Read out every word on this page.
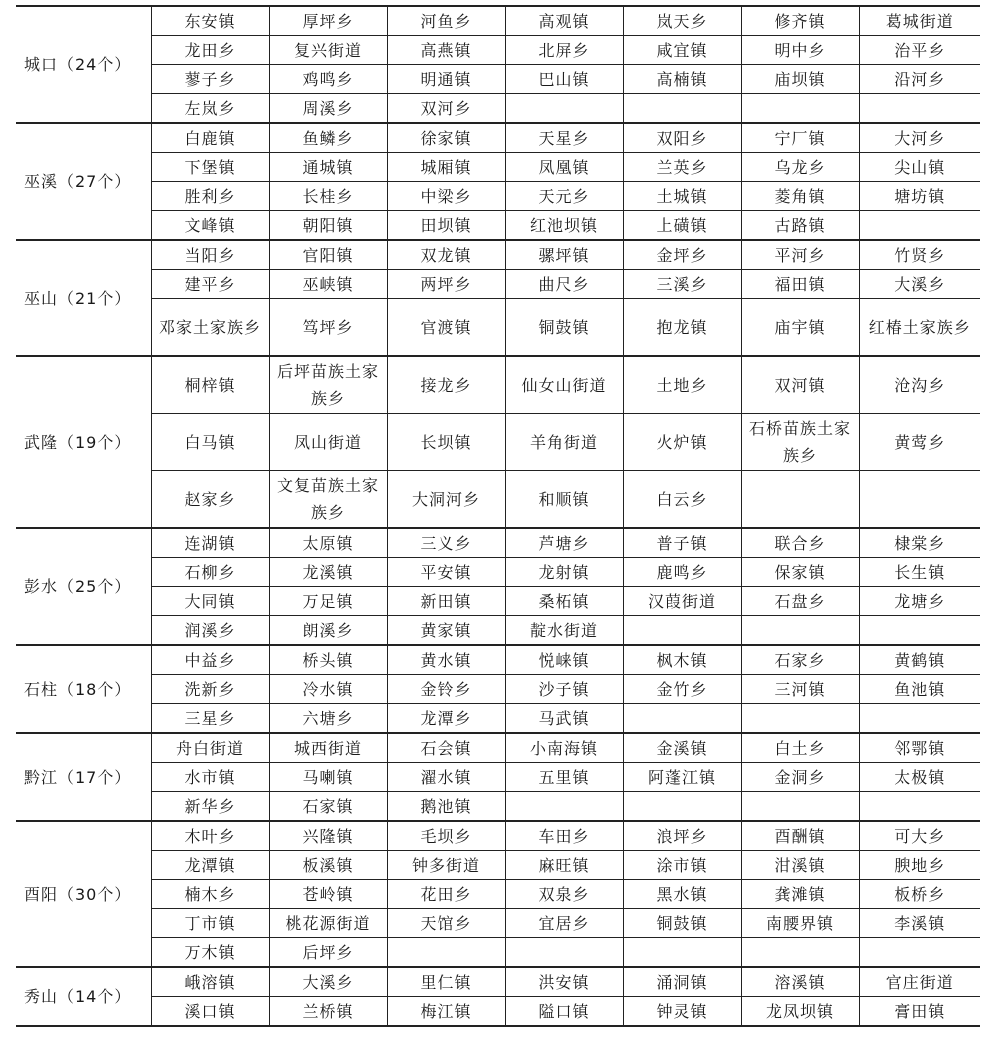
城口（24个）	东安镇	厚坪乡	河鱼乡	高观镇	岚天乡	修齐镇	葛城街道
	龙田乡	复兴街道	高燕镇	北屏乡	咸宜镇	明中乡	治平乡
	蓼子乡	鸡鸣乡	明通镇	巴山镇	高楠镇	庙坝镇	沿河乡
	左岚乡	周溪乡	双河乡				
巫溪（27个）	白鹿镇	鱼鳞乡	徐家镇	天星乡	双阳乡	宁厂镇	大河乡
	下堡镇	通城镇	城厢镇	凤凰镇	兰英乡	乌龙乡	尖山镇
	胜利乡	长桂乡	中梁乡	天元乡	土城镇	菱角镇	塘坊镇
	文峰镇	朝阳镇	田坝镇	红池坝镇	上磺镇	古路镇	
巫山（21个）	当阳乡	官阳镇	双龙镇	骡坪镇	金坪乡	平河乡	竹贤乡
	建平乡	巫峡镇	两坪乡	曲尺乡	三溪乡	福田镇	大溪乡
	邓家土家族乡	笃坪乡	官渡镇	铜鼓镇	抱龙镇	庙宇镇	红椿土家族乡
武隆（19个）	桐梓镇	后坪苗族土家族乡	接龙乡	仙女山街道	土地乡	双河镇	沧沟乡
	白马镇	凤山街道	长坝镇	羊角街道	火炉镇	石桥苗族土家族乡	黄莺乡
	赵家乡	文复苗族土家族乡	大洞河乡	和顺镇	白云乡		
彭水（25个）	连湖镇	太原镇	三义乡	芦塘乡	普子镇	联合乡	棣棠乡
	石柳乡	龙溪镇	平安镇	龙射镇	鹿鸣乡	保家镇	长生镇
	大同镇	万足镇	新田镇	桑柘镇	汉葭街道	石盘乡	龙塘乡
	润溪乡	朗溪乡	黄家镇	靛水街道			
石柱（18个）	中益乡	桥头镇	黄水镇	悦崃镇	枫木镇	石家乡	黄鹤镇
	洗新乡	冷水镇	金铃乡	沙子镇	金竹乡	三河镇	鱼池镇
	三星乡	六塘乡	龙潭乡	马武镇			
黔江（17个）	舟白街道	城西街道	石会镇	小南海镇	金溪镇	白土乡	邻鄂镇
	水市镇	马喇镇	濯水镇	五里镇	阿蓬江镇	金洞乡	太极镇
	新华乡	石家镇	鹅池镇				
酉阳（30个）	木叶乡	兴隆镇	毛坝乡	车田乡	浪坪乡	酉酬镇	可大乡
	龙潭镇	板溪镇	钟多街道	麻旺镇	涂市镇	泔溪镇	腴地乡
	楠木乡	苍岭镇	花田乡	双泉乡	黑水镇	龚滩镇	板桥乡
	丁市镇	桃花源街道	天馆乡	宜居乡	铜鼓镇	南腰界镇	李溪镇
	万木镇	后坪乡					
秀山（14个）	峨溶镇	大溪乡	里仁镇	洪安镇	涌洞镇	溶溪镇	官庄街道
	溪口镇	兰桥镇	梅江镇	隘口镇	钟灵镇	龙凤坝镇	膏田镇
